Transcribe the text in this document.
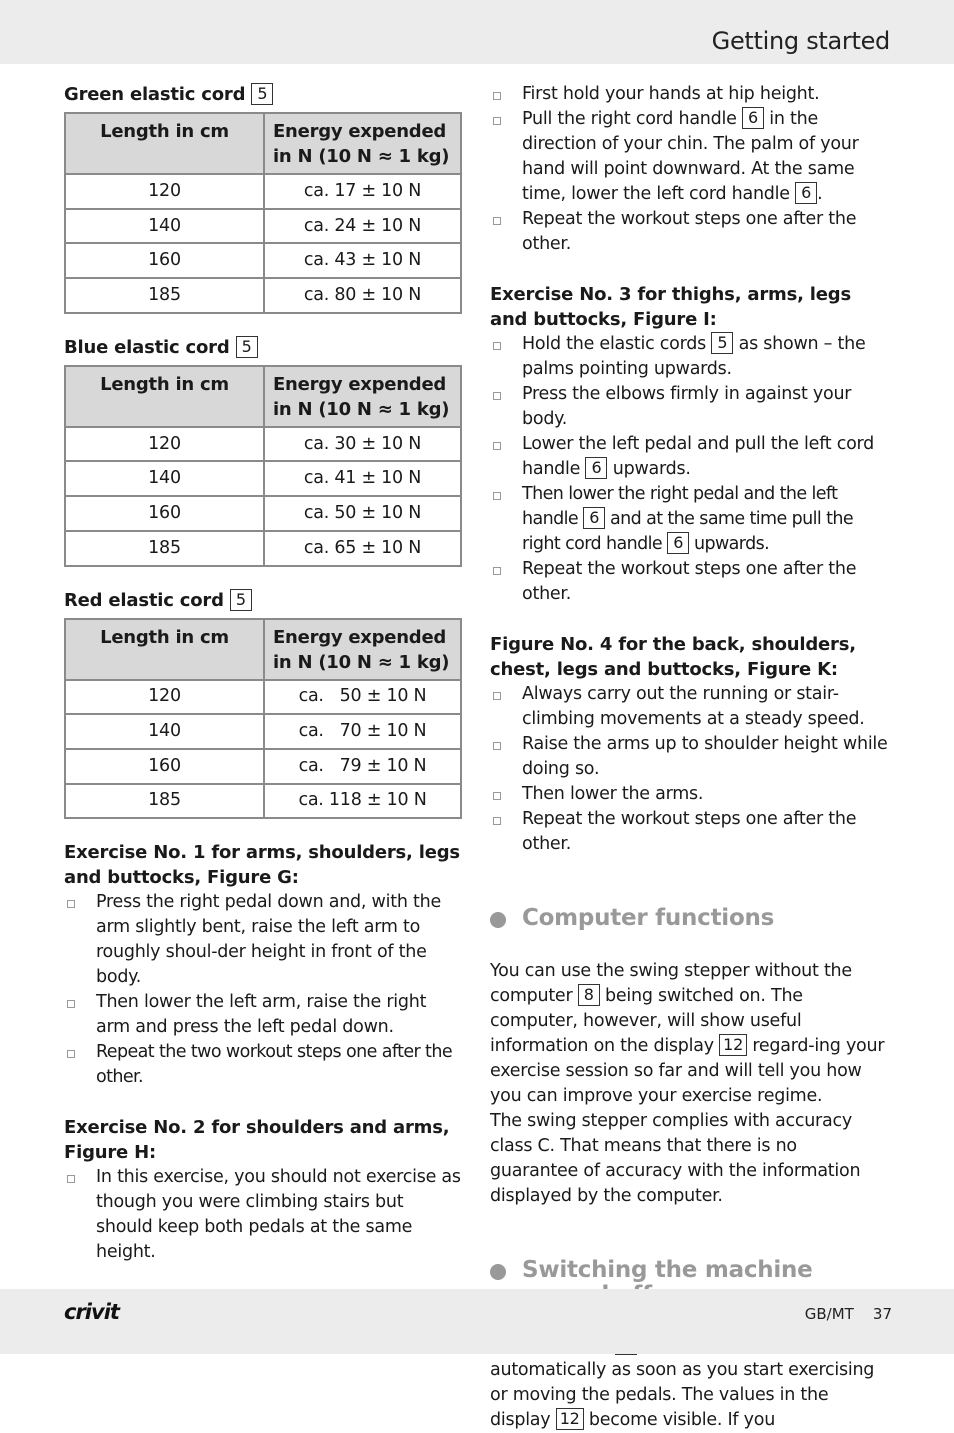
Getting started
Green elastic cord 5
Length in cm	Energy expended in N (10 N ≈ 1 kg)
120	ca. 17 ± 10 N
140	ca. 24 ± 10 N
160	ca. 43 ± 10 N
185	ca. 80 ± 10 N
Blue elastic cord 5
Length in cm	Energy expended in N (10 N ≈ 1 kg)
120	ca. 30 ± 10 N
140	ca. 41 ± 10 N
160	ca. 50 ± 10 N
185	ca. 65 ± 10 N
Red elastic cord 5
Length in cm	Energy expended in N (10 N ≈ 1 kg)
120	ca.   50 ± 10 N
140	ca.   70 ± 10 N
160	ca.   79 ± 10 N
185	ca. 118 ± 10 N
Exercise No. 1 for arms, shoulders, legs and buttocks, Figure G:
Press the right pedal down and, with the arm slightly bent, raise the left arm to roughly shoul-der height in front of the body.
Then lower the left arm, raise the right arm and press the left pedal down.
Repeat the two workout steps one after the other.
Exercise No. 2 for shoulders and arms, Figure H:
In this exercise, you should not exercise as though you were climbing stairs but should keep both pedals at the same height.
First hold your hands at hip height.
Pull the right cord handle 6 in the direction of your chin. The palm of your hand will point downward. At the same time, lower the left cord handle 6 .
Repeat the workout steps one after the other.
Exercise No. 3 for thighs, arms, legs and buttocks, Figure I:
Hold the elastic cords 5 as shown – the palms pointing upwards.
Press the elbows firmly in against your body.
Lower the left pedal and pull the left cord handle 6 upwards.
Then lower the right pedal and the left handle 6 and at the same time pull the right cord handle 6 upwards.
Repeat the workout steps one after the other.
Figure No. 4 for the back, shoulders, chest, legs and buttocks, Figure K:
Always carry out the running or stair-climbing movements at a steady speed.
Raise the arms up to shoulder height while doing so.
Then lower the arms.
Repeat the workout steps one after the other.
Computer functions

You can use the swing stepper without the computer 8 being switched on. The computer, however, will show useful information on the display 12 regard-ing your exercise session so far and will tell you how you can improve your exercise regime.

The swing stepper complies with accuracy class C. That means that there is no guarantee of accuracy with the information displayed by the computer.

Switching the machine

automatically as soon as you start exercising or moving the pedals. The values in the display 12 become visible. If you

crivit	GB/MT    37
